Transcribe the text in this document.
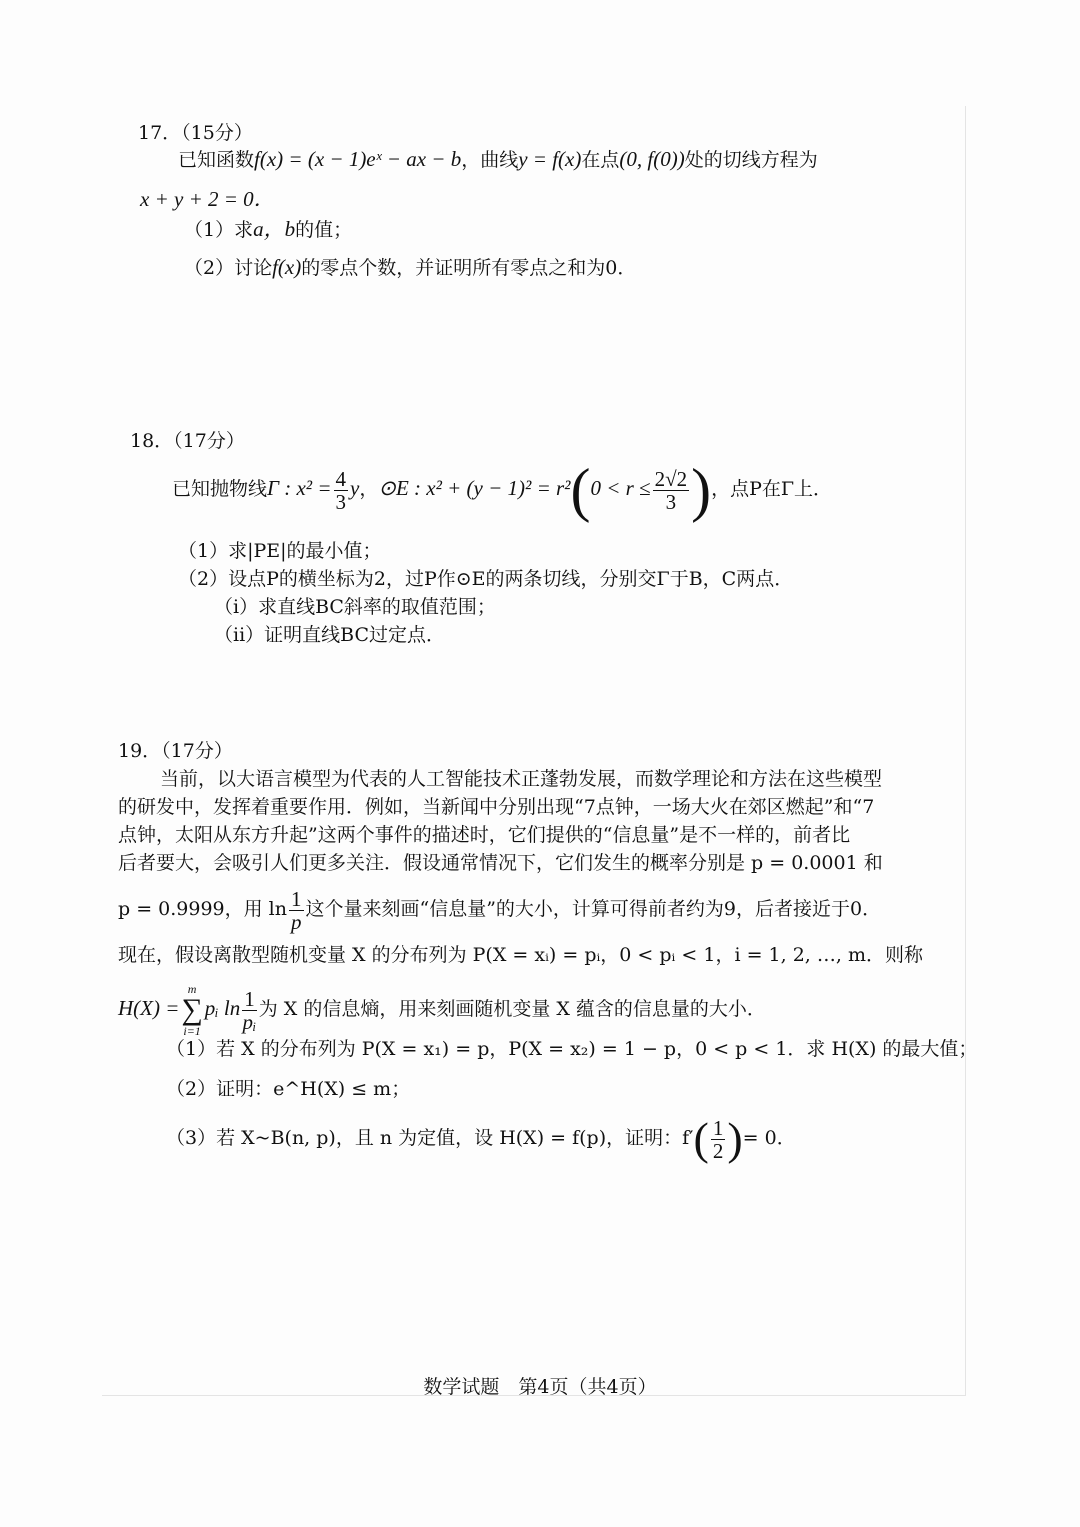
17．（15分）
已知函数f(x) = (x − 1)eˣ − ax − b，曲线y = f(x)在点(0, f(0))处的切线方程为
x + y + 2 = 0．
（1）求a，b的值；
（2）讨论f(x)的零点个数，并证明所有零点之和为0．
18．（17分）
已知抛物线Γ : $x^2 = \frac{4}{3}$ y，⊙E : $x^2 + (y - 1)^2 = r^2(0 < r \le \frac{2√2}{3}$ )，点P在Γ上．
（1）求|PE|的最小值；
（2）设点P的横坐标为2，过P作⊙E的两条切线，分别交Γ于B，C两点．
（i）求直线BC斜率的取值范围；
（ii）证明直线BC过定点．
19．（17分）
当前，以大语言模型为代表的人工智能技术正蓬勃发展，而数学理论和方法在这些模型
的研发中，发挥着重要作用．例如，当新闻中分别出现“7点钟，一场大火在郊区燃起”和“7
点钟，太阳从东方升起”这两个事件的描述时，它们提供的“信息量”是不一样的，前者比
后者要大，会吸引人们更多关注．假设通常情况下，它们发生的概率分别是 p = 0.0001 和
p = 0.9999，用 $\ln \frac{1}{p}$ 这个量来刻画“信息量”的大小，计算可得前者约为9，后者接近于0．
现在，假设离散型随机变量 X 的分布列为 P(X = xᵢ) = pᵢ，0 < pᵢ < 1，i = 1, 2, …, m．则称
H(X) =
m
∑
i=1
pᵢ $\ln \frac{1}{\text{pᵢ}}$ 为 X 的信息熵，用来刻画随机变量 X 蕴含的信息量的大小．
（1）若 X 的分布列为 P(X = x₁) = p，P(X = x₂) = 1 − p，0 < p < 1．求 H(X) 的最大值；
（2）证明：e^H(X) ≤ m；
（3）若 X~B(n, p)，且 n 为定值，设 H(X) = f(p)，证明：$f'( \frac{1}{2}$ )= 0．
数学试题　第4页（共4页）
